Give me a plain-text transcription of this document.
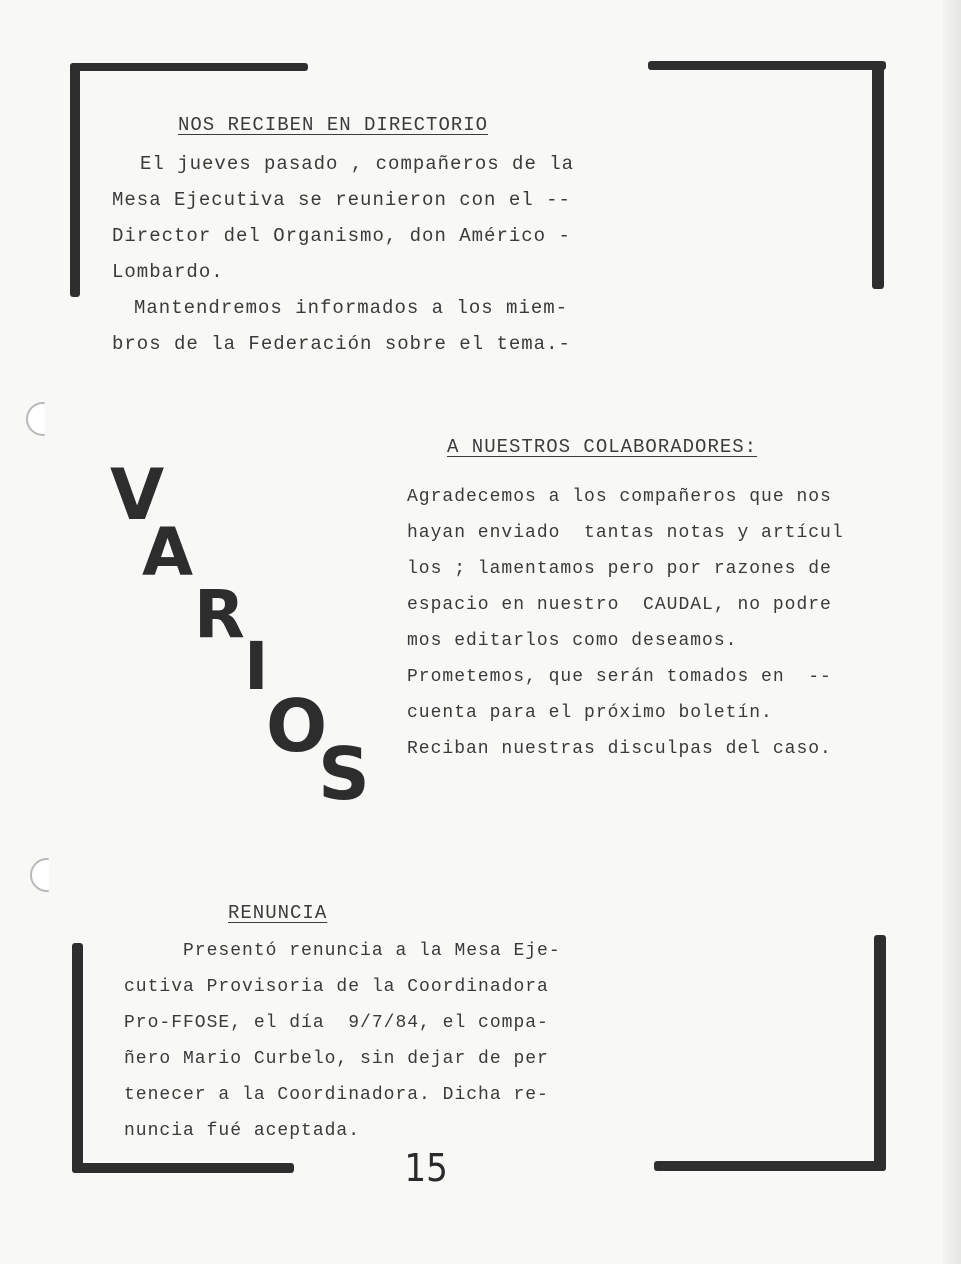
NOS RECIBEN EN DIRECTORIO

El jueves pasado , compañeros de la
Mesa Ejecutiva se reunieron con el --
Director del Organismo, don Américo -
Lombardo.
Mantendremos informados a los miem-
bros de la Federación sobre el tema.-

A NUESTROS COLABORADORES:

Agradecemos a los compañeros que nos
hayan enviado  tantas notas y artícul
los ; lamentamos pero por razones de
espacio en nuestro  CAUDAL, no podre
mos editarlos como deseamos.
Prometemos, que serán tomados en  --
cuenta para el próximo boletín.
Reciban nuestras disculpas del caso.

V
A
R
I
O
S
RENUNCIA

Presentó renuncia a la Mesa Eje-
cutiva Provisoria de la Coordinadora
Pro-FFOSE, el día  9/7/84, el compa-
ñero Mario Curbelo, sin dejar de per
tenecer a la Coordinadora. Dicha re-
nuncia fué aceptada.

15
